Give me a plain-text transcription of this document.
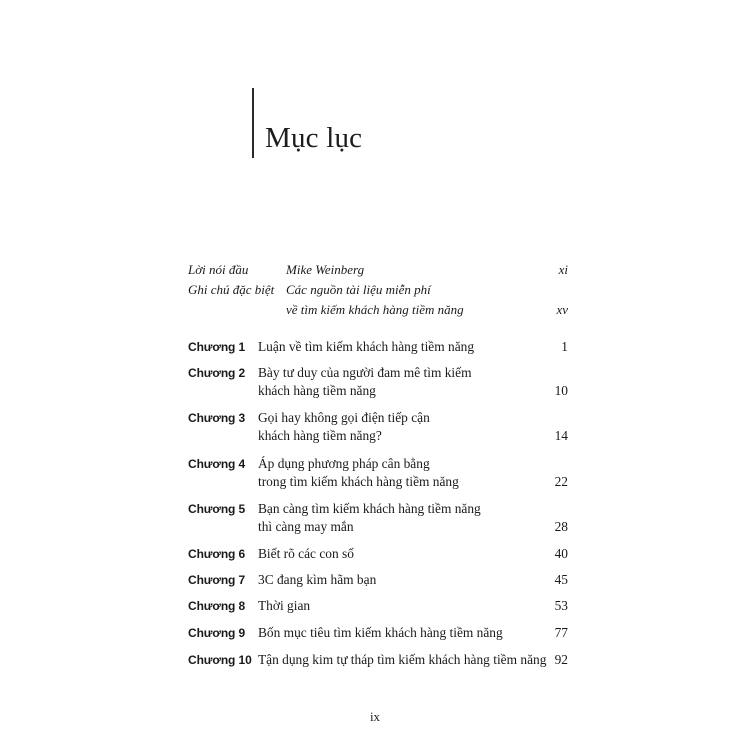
Mục lục
Lời nói đầu	Mike Weinberg	xi
Ghi chú đặc biệt Các nguồn tài liệu miễn phí
về tìm kiếm khách hàng tiềm năng	xv
Chương 1 Luận về tìm kiếm khách hàng tiềm năng	1
Chương 2 Bày tư duy của người đam mê tìm kiếm
khách hàng tiềm năng	10
Chương 3 Gọi hay không gọi điện tiếp cận
khách hàng tiềm năng?	14
Chương 4 Áp dụng phương pháp cân bằng
trong tìm kiếm khách hàng tiềm năng	22
Chương 5 Bạn càng tìm kiếm khách hàng tiềm năng
thì càng may mắn	28
Chương 6 Biết rõ các con số	40
Chương 7 3C đang kìm hãm bạn	45
Chương 8 Thời gian	53
Chương 9 Bốn mục tiêu tìm kiếm khách hàng tiềm năng	77
Chương 10 Tận dụng kim tự tháp tìm kiếm khách hàng tiềm năng 92
ix
